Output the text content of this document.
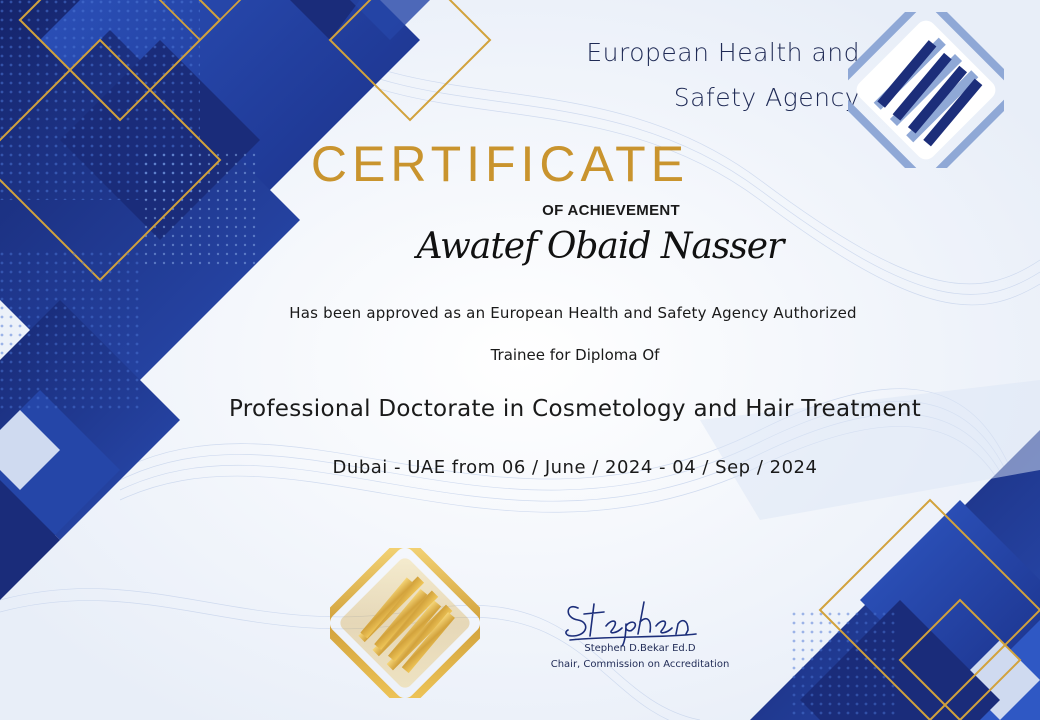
European Health and
Safety Agency
CERTIFICATE
OF ACHIEVEMENT
Awatef Obaid Nasser
Has been approved as an European Health and Safety Agency Authorized
Trainee for Diploma Of
Professional Doctorate in Cosmetology and Hair Treatment
Dubai - UAE from 06 / June / 2024 - 04 / Sep / 2024
Stephen D.Bekar Ed.D
Chair, Commission on Accreditation
